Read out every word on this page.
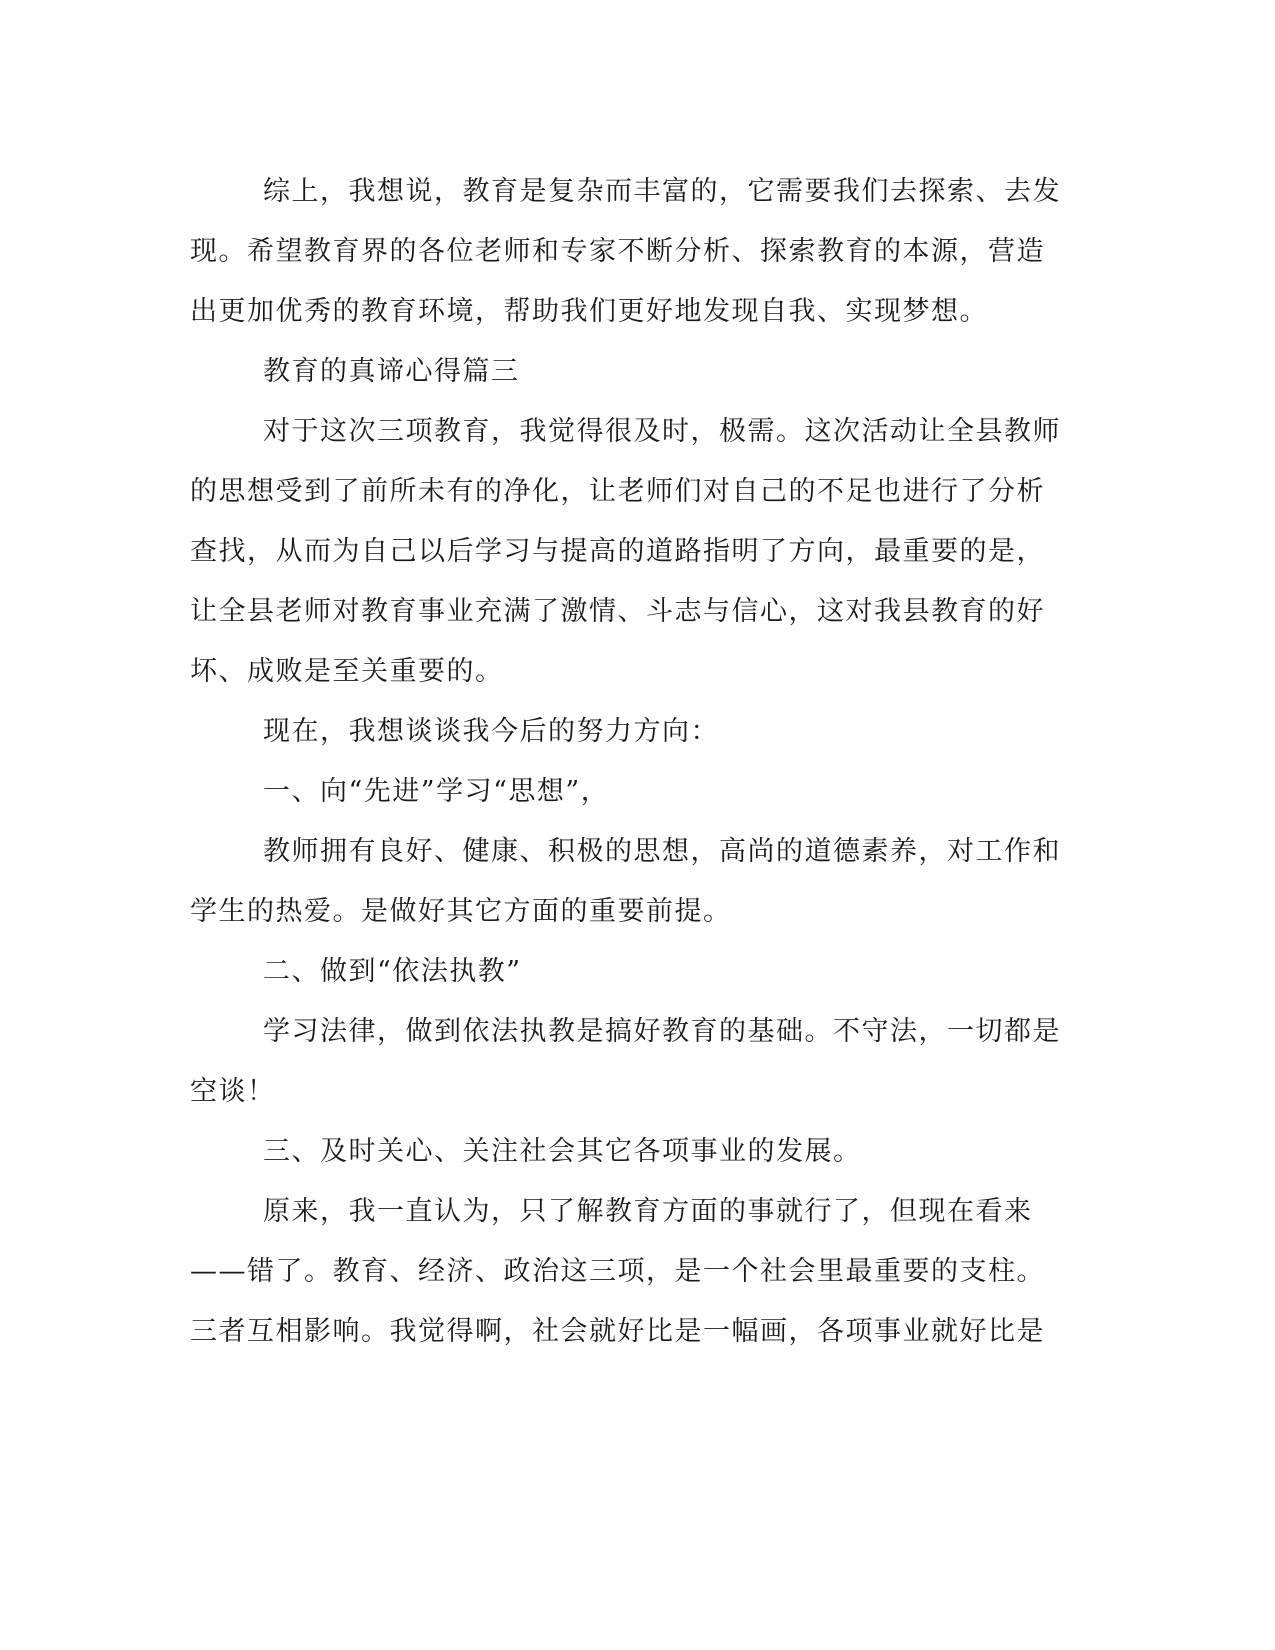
综上，我想说，教育是复杂而丰富的，它需要我们去探索、去发
现。希望教育界的各位老师和专家不断分析、探索教育的本源，营造
出更加优秀的教育环境，帮助我们更好地发现自我、实现梦想。
教育的真谛心得篇三
对于这次三项教育，我觉得很及时，极需。这次活动让全县教师
的思想受到了前所未有的净化，让老师们对自己的不足也进行了分析
查找，从而为自己以后学习与提高的道路指明了方向，最重要的是，
让全县老师对教育事业充满了激情、斗志与信心，这对我县教育的好
坏、成败是至关重要的。
现在，我想谈谈我今后的努力方向：
一、向“先进”学习“思想”，
教师拥有良好、健康、积极的思想，高尚的道德素养，对工作和
学生的热爱。是做好其它方面的重要前提。
二、做到“依法执教”
学习法律，做到依法执教是搞好教育的基础。不守法，一切都是
空谈！
三、及时关心、关注社会其它各项事业的发展。
原来，我一直认为，只了解教育方面的事就行了，但现在看来
——错了。教育、经济、政治这三项，是一个社会里最重要的支柱。
三者互相影响。我觉得啊，社会就好比是一幅画，各项事业就好比是
